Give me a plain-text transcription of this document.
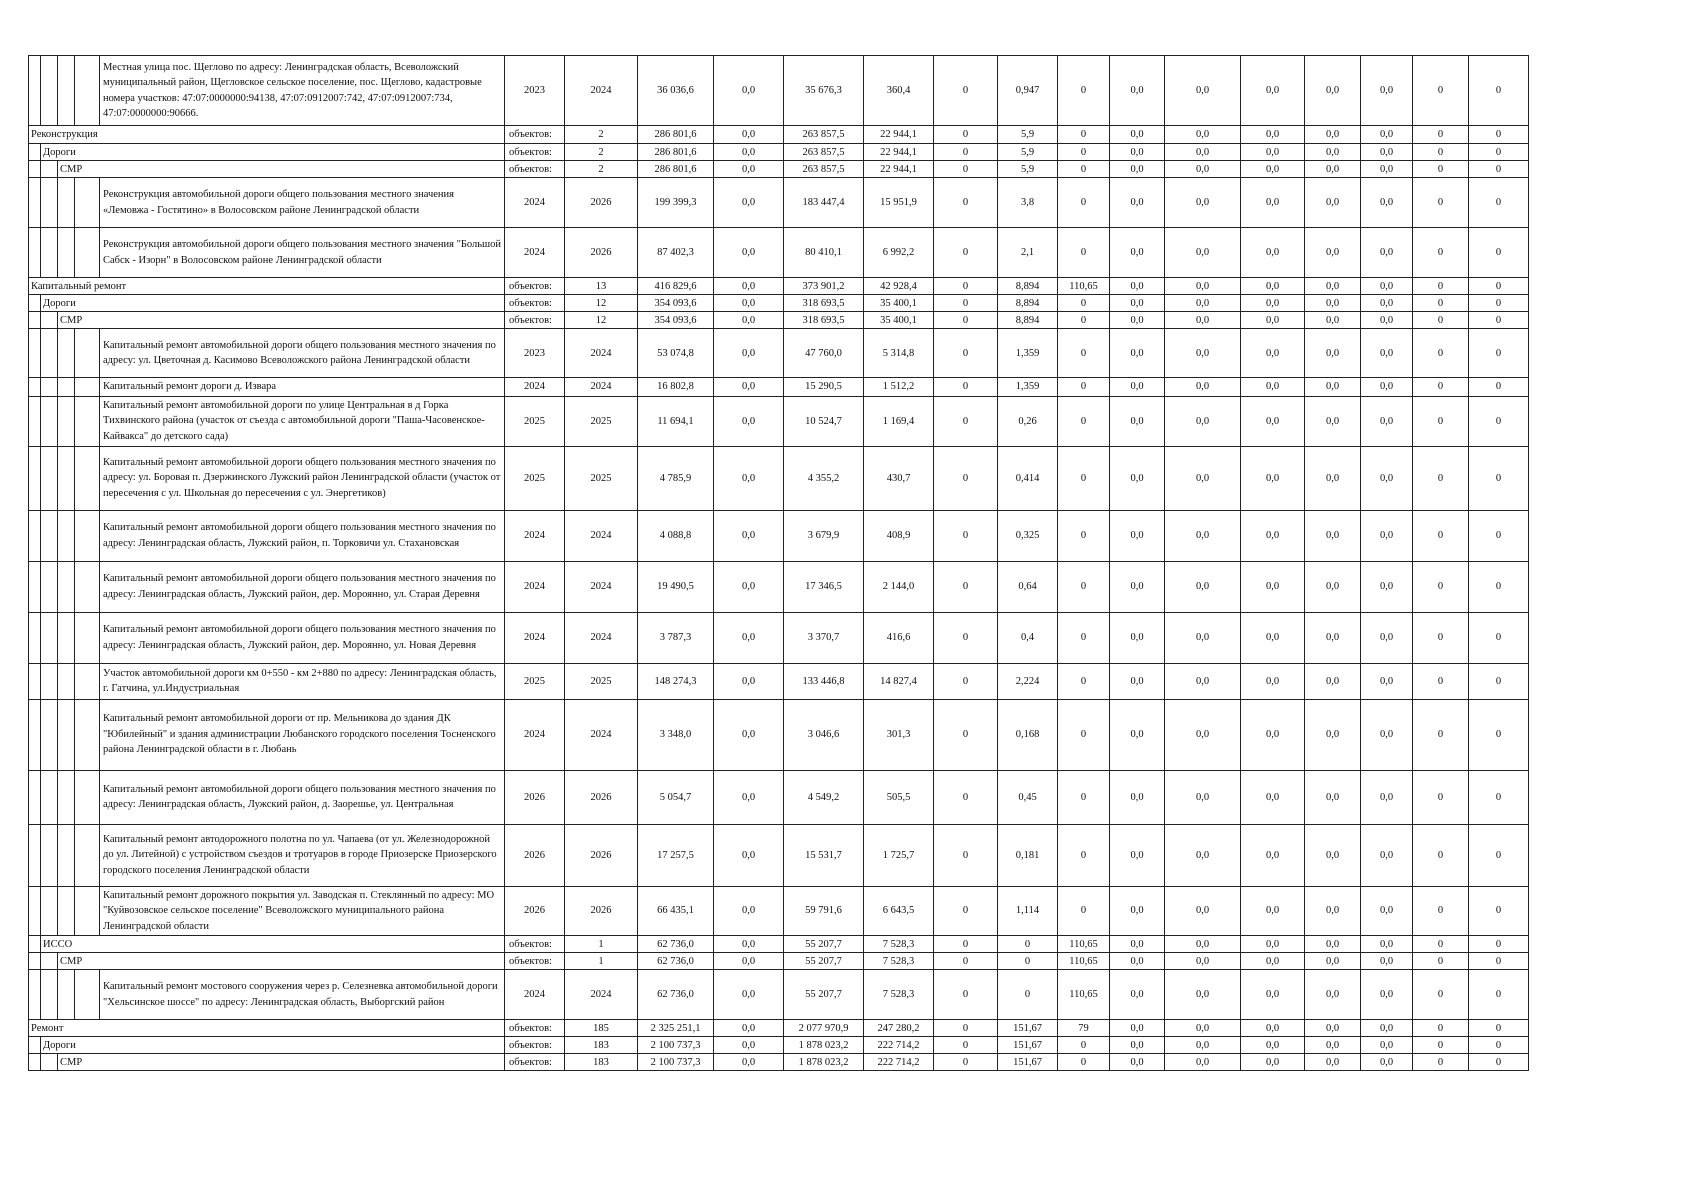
				Местная улица пос. Щеглово по адресу: Ленинградская область, Всеволожский муниципальный район, Щегловское сельское поселение, пос. Щеглово, кадастровые номера участков: 47:07:0000000:94138, 47:07:0912007:742, 47:07:0912007:734, 47:07:0000000:90666.	2023	2024	36 036,6	0,0	35 676,3	360,4	0	0,947	0	0,0	0,0	0,0	0,0	0,0	0	0
Реконструкция					объектов:	2	286 801,6	0,0	263 857,5	22 944,1	0	5,9	0	0,0	0,0	0,0	0,0	0,0	0	0
	Дороги				объектов:	2	286 801,6	0,0	263 857,5	22 944,1	0	5,9	0	0,0	0,0	0,0	0,0	0,0	0	0
		СМР			объектов:	2	286 801,6	0,0	263 857,5	22 944,1	0	5,9	0	0,0	0,0	0,0	0,0	0,0	0	0
				Реконструкция автомобильной дороги общего пользования местного значения «Лемовжа - Гостятино» в Волосовском районе Ленинградской области	2024	2026	199 399,3	0,0	183 447,4	15 951,9	0	3,8	0	0,0	0,0	0,0	0,0	0,0	0	0
				Реконструкция автомобильной дороги общего пользования местного значения "Большой Сабск - Изорн" в Волосовском районе Ленинградской области	2024	2026	87 402,3	0,0	80 410,1	6 992,2	0	2,1	0	0,0	0,0	0,0	0,0	0,0	0	0
Капитальный ремонт					объектов:	13	416 829,6	0,0	373 901,2	42 928,4	0	8,894	110,65	0,0	0,0	0,0	0,0	0,0	0	0
	Дороги				объектов:	12	354 093,6	0,0	318 693,5	35 400,1	0	8,894	0	0,0	0,0	0,0	0,0	0,0	0	0
		СМР			объектов:	12	354 093,6	0,0	318 693,5	35 400,1	0	8,894	0	0,0	0,0	0,0	0,0	0,0	0	0
				Капитальный ремонт автомобильной дороги общего пользования местного значения по адресу: ул. Цветочная д. Касимово Всеволожского района Ленинградской области	2023	2024	53 074,8	0,0	47 760,0	5 314,8	0	1,359	0	0,0	0,0	0,0	0,0	0,0	0	0
				Капитальный ремонт дороги д. Извара	2024	2024	16 802,8	0,0	15 290,5	1 512,2	0	1,359	0	0,0	0,0	0,0	0,0	0,0	0	0
				Капитальный ремонт автомобильной дороги по улице Центральная в д Горка Тихвинского района (участок от съезда с автомобильной дороги "Паша-Часовенское-Кайвакса" до детского сада)	2025	2025	11 694,1	0,0	10 524,7	1 169,4	0	0,26	0	0,0	0,0	0,0	0,0	0,0	0	0
				Капитальный ремонт автомобильной дороги общего пользования местного значения по адресу: ул. Боровая п. Дзержинского Лужский район Ленинградской области (участок от пересечения с ул. Школьная до пересечения с ул. Энергетиков)	2025	2025	4 785,9	0,0	4 355,2	430,7	0	0,414	0	0,0	0,0	0,0	0,0	0,0	0	0
				Капитальный ремонт автомобильной дороги общего пользования местного значения по адресу: Ленинградская область, Лужский район, п. Торковичи ул. Стахановская	2024	2024	4 088,8	0,0	3 679,9	408,9	0	0,325	0	0,0	0,0	0,0	0,0	0,0	0	0
				Капитальный ремонт автомобильной дороги общего пользования местного значения по адресу: Ленинградская область, Лужский район, дер. Мороянно, ул. Старая Деревня	2024	2024	19 490,5	0,0	17 346,5	2 144,0	0	0,64	0	0,0	0,0	0,0	0,0	0,0	0	0
				Капитальный ремонт автомобильной дороги общего пользования местного значения по адресу: Ленинградская область, Лужский район, дер. Мороянно, ул. Новая Деревня	2024	2024	3 787,3	0,0	3 370,7	416,6	0	0,4	0	0,0	0,0	0,0	0,0	0,0	0	0
				Участок автомобильной дороги км 0+550 - км 2+880 по адресу: Ленинградская область, г. Гатчина, ул.Индустриальная	2025	2025	148 274,3	0,0	133 446,8	14 827,4	0	2,224	0	0,0	0,0	0,0	0,0	0,0	0	0
				Капитальный ремонт автомобильной дороги от пр. Мельникова до здания ДК "Юбилейный" и здания администрации Любанского городского поселения Тосненского района Ленинградской области в г. Любань	2024	2024	3 348,0	0,0	3 046,6	301,3	0	0,168	0	0,0	0,0	0,0	0,0	0,0	0	0
				Капитальный ремонт автомобильной дороги общего пользования местного значения по адресу: Ленинградская область, Лужский район, д. Заорешье, ул. Центральная	2026	2026	5 054,7	0,0	4 549,2	505,5	0	0,45	0	0,0	0,0	0,0	0,0	0,0	0	0
				Капитальный ремонт автодорожного полотна по ул. Чапаева (от ул. Железнодорожной до ул. Литейной) с устройством съездов и тротуаров в городе Приозерске Приозерского городского поселения Ленинградской области	2026	2026	17 257,5	0,0	15 531,7	1 725,7	0	0,181	0	0,0	0,0	0,0	0,0	0,0	0	0
				Капитальный ремонт дорожного покрытия ул. Заводская п. Стеклянный по адресу: МО "Куйвозовское сельское поселение" Всеволожского муниципального района Ленинградской области	2026	2026	66 435,1	0,0	59 791,6	6 643,5	0	1,114	0	0,0	0,0	0,0	0,0	0,0	0	0
	ИССО				объектов:	1	62 736,0	0,0	55 207,7	7 528,3	0	0	110,65	0,0	0,0	0,0	0,0	0,0	0	0
		СМР			объектов:	1	62 736,0	0,0	55 207,7	7 528,3	0	0	110,65	0,0	0,0	0,0	0,0	0,0	0	0
				Капитальный ремонт мостового сооружения через р. Селезневка автомобильной дороги "Хельсинское шоссе" по адресу: Ленинградская область, Выборгский район	2024	2024	62 736,0	0,0	55 207,7	7 528,3	0	0	110,65	0,0	0,0	0,0	0,0	0,0	0	0
Ремонт					объектов:	185	2 325 251,1	0,0	2 077 970,9	247 280,2	0	151,67	79	0,0	0,0	0,0	0,0	0,0	0	0
	Дороги				объектов:	183	2 100 737,3	0,0	1 878 023,2	222 714,2	0	151,67	0	0,0	0,0	0,0	0,0	0,0	0	0
		СМР			объектов:	183	2 100 737,3	0,0	1 878 023,2	222 714,2	0	151,67	0	0,0	0,0	0,0	0,0	0,0	0	0
